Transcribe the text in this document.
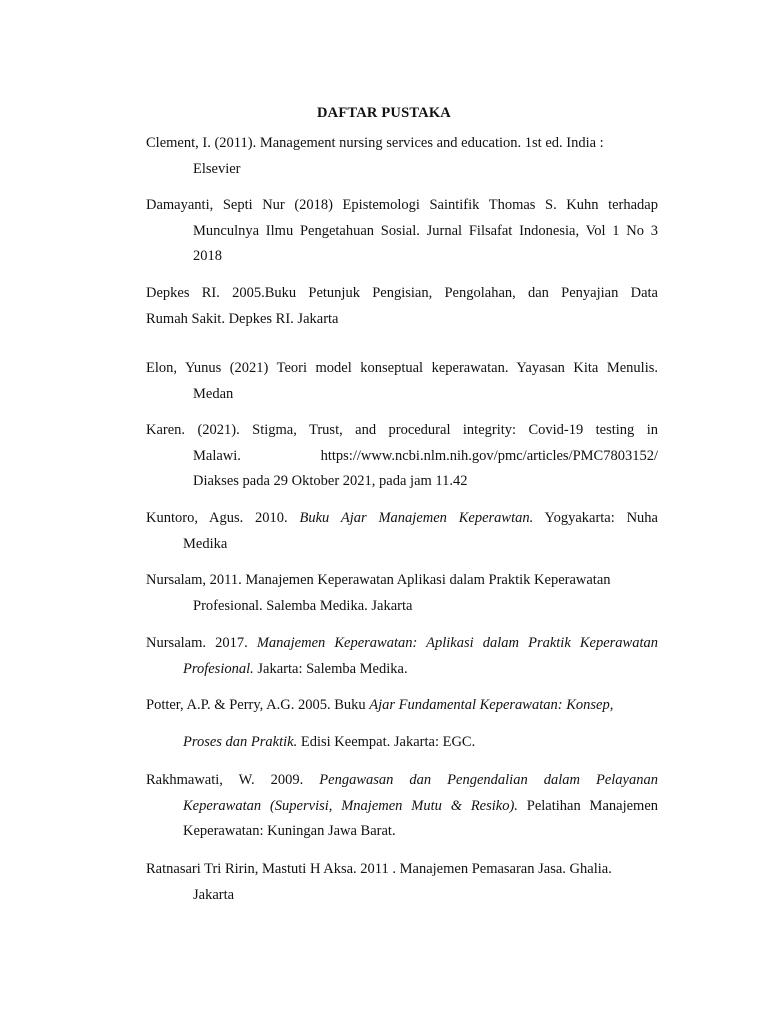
DAFTAR PUSTAKA
Clement, I. (2011). Management nursing services and education. 1st ed. India :
Elsevier
Damayanti, Septi Nur (2018) Epistemologi Saintifik Thomas S. Kuhn terhadap
Munculnya Ilmu Pengetahuan Sosial. Jurnal Filsafat Indonesia, Vol 1 No 3
2018
Depkes RI. 2005.Buku Petunjuk Pengisian, Pengolahan, dan Penyajian Data
Rumah Sakit. Depkes RI. Jakarta
Elon, Yunus (2021) Teori model konseptual keperawatan. Yayasan Kita Menulis.
Medan
Karen. (2021). Stigma, Trust, and procedural integrity: Covid-19 testing in
Malawi.	https://www.ncbi.nlm.nih.gov/pmc/articles/PMC7803152/
Diakses pada 29 Oktober 2021, pada jam 11.42
Kuntoro, Agus. 2010. Buku Ajar Manajemen Keperawtan. Yogyakarta: Nuha
Medika
Nursalam, 2011. Manajemen Keperawatan Aplikasi dalam Praktik Keperawatan
Profesional. Salemba Medika. Jakarta
Nursalam. 2017. Manajemen Keperawatan: Aplikasi dalam Praktik Keperawatan
Profesional. Jakarta: Salemba Medika.
Potter, A.P. & Perry, A.G. 2005. Buku Ajar Fundamental Keperawatan: Konsep,
Proses dan Praktik. Edisi Keempat. Jakarta: EGC.
Rakhmawati, W. 2009. Pengawasan dan Pengendalian dalam Pelayanan
Keperawatan (Supervisi, Mnajemen Mutu & Resiko). Pelatihan Manajemen
Keperawatan: Kuningan Jawa Barat.
Ratnasari Tri Ririn, Mastuti H Aksa. 2011 . Manajemen Pemasaran Jasa. Ghalia.
Jakarta
